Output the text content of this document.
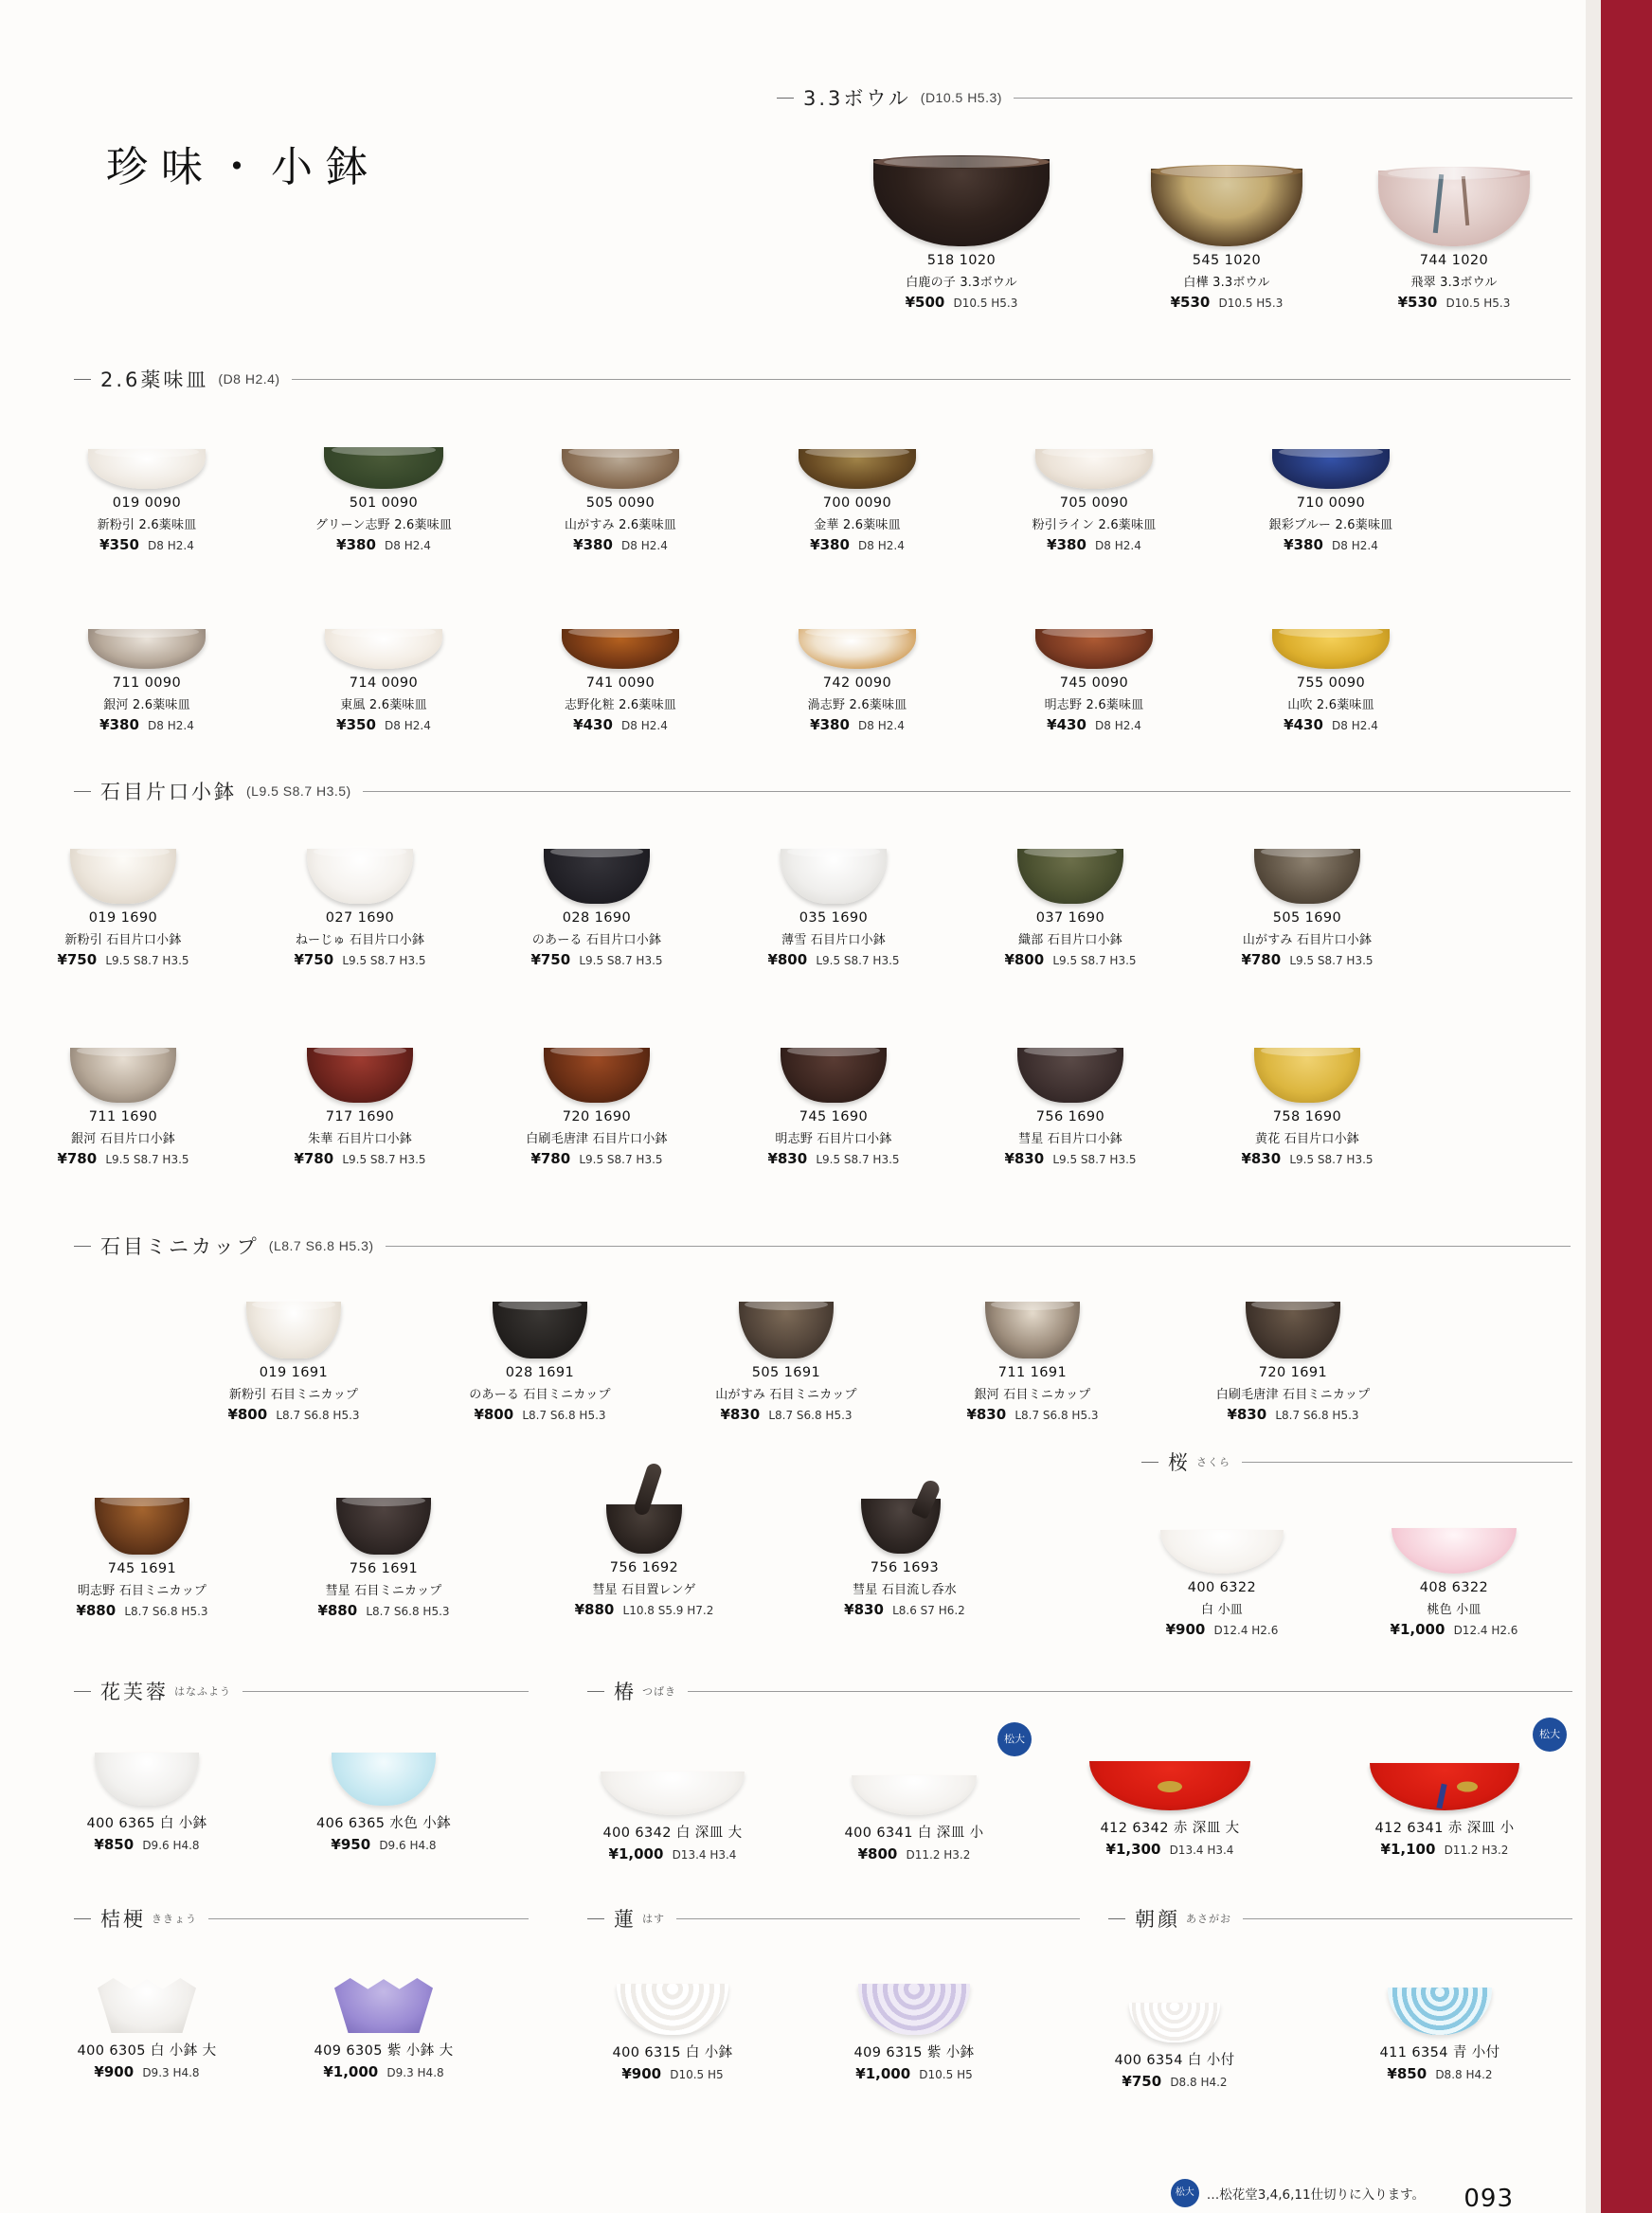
珍味・小鉢
3.3ボウル (D10.5 H5.3)
518 1020
白鹿の子 3.3ボウル
¥500 D10.5 H5.3
545 1020
白樺 3.3ボウル
¥530 D10.5 H5.3
744 1020
飛翠 3.3ボウル
¥530 D10.5 H5.3
2.6薬味皿 (D8 H2.4)
019 0090
新粉引 2.6薬味皿
¥350 D8 H2.4
501 0090
グリーン志野 2.6薬味皿
¥380 D8 H2.4
505 0090
山がすみ 2.6薬味皿
¥380 D8 H2.4
700 0090
金華 2.6薬味皿
¥380 D8 H2.4
705 0090
粉引ライン 2.6薬味皿
¥380 D8 H2.4
710 0090
銀彩ブルー 2.6薬味皿
¥380 D8 H2.4
711 0090
銀河 2.6薬味皿
¥380 D8 H2.4
714 0090
東風 2.6薬味皿
¥350 D8 H2.4
741 0090
志野化粧 2.6薬味皿
¥430 D8 H2.4
742 0090
渦志野 2.6薬味皿
¥380 D8 H2.4
745 0090
明志野 2.6薬味皿
¥430 D8 H2.4
755 0090
山吹 2.6薬味皿
¥430 D8 H2.4
石目片口小鉢 (L9.5 S8.7 H3.5)
019 1690
新粉引 石目片口小鉢
¥750 L9.5 S8.7 H3.5
027 1690
ねーじゅ 石目片口小鉢
¥750 L9.5 S8.7 H3.5
028 1690
のあーる 石目片口小鉢
¥750 L9.5 S8.7 H3.5
035 1690
薄雪 石目片口小鉢
¥800 L9.5 S8.7 H3.5
037 1690
織部 石目片口小鉢
¥800 L9.5 S8.7 H3.5
505 1690
山がすみ 石目片口小鉢
¥780 L9.5 S8.7 H3.5
711 1690
銀河 石目片口小鉢
¥780 L9.5 S8.7 H3.5
717 1690
朱華 石目片口小鉢
¥780 L9.5 S8.7 H3.5
720 1690
白刷毛唐津 石目片口小鉢
¥780 L9.5 S8.7 H3.5
745 1690
明志野 石目片口小鉢
¥830 L9.5 S8.7 H3.5
756 1690
彗星 石目片口小鉢
¥830 L9.5 S8.7 H3.5
758 1690
黄花 石目片口小鉢
¥830 L9.5 S8.7 H3.5
石目ミニカップ (L8.7 S6.8 H5.3)
019 1691
新粉引 石目ミニカップ
¥800 L8.7 S6.8 H5.3
028 1691
のあーる 石目ミニカップ
¥800 L8.7 S6.8 H5.3
505 1691
山がすみ 石目ミニカップ
¥830 L8.7 S6.8 H5.3
711 1691
銀河 石目ミニカップ
¥830 L8.7 S6.8 H5.3
720 1691
白刷毛唐津 石目ミニカップ
¥830 L8.7 S6.8 H5.3
745 1691
明志野 石目ミニカップ
¥880 L8.7 S6.8 H5.3
756 1691
彗星 石目ミニカップ
¥880 L8.7 S6.8 H5.3
756 1692
彗星 石目置レンゲ
¥880 L10.8 S5.9 H7.2
756 1693
彗星 石目流し呑水
¥830 L8.6 S7 H6.2
桜 さくら
400 6322
白 小皿
¥900 D12.4 H2.6
408 6322
桃色 小皿
¥1,000 D12.4 H2.6
花芙蓉 はなふよう	椿 つばき
400 6365 白 小鉢
¥850 D9.6 H4.8
406 6365 水色 小鉢
¥950 D9.6 H4.8
400 6342 白 深皿 大
¥1,000 D13.4 H3.4
松大
400 6341 白 深皿 小
¥800 D11.2 H3.2
412 6342 赤 深皿 大
¥1,300 D13.4 H3.4
松大
412 6341 赤 深皿 小
¥1,100 D11.2 H3.2
桔梗 ききょう	蓮 はす	朝顔 あさがお
400 6305 白 小鉢 大
¥900 D9.3 H4.8
409 6305 紫 小鉢 大
¥1,000 D9.3 H4.8
400 6315 白 小鉢
¥900 D10.5 H5
409 6315 紫 小鉢
¥1,000 D10.5 H5
400 6354 白 小付
¥750 D8.8 H4.2
411 6354 青 小付
¥850 D8.8 H4.2
松大 …松花堂3,4,6,11仕切りに入ります。 093
